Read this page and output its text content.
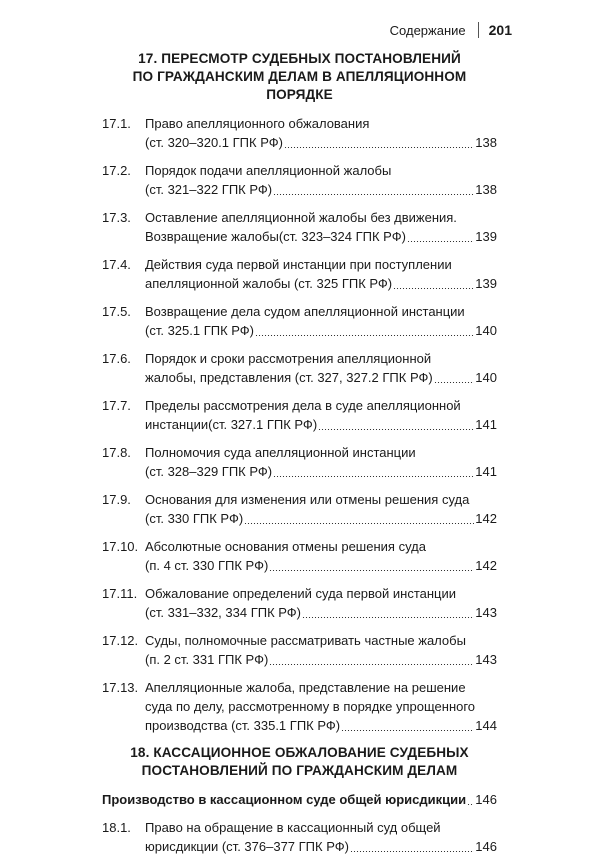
Содержание 201
17. ПЕРЕСМОТР СУДЕБНЫХ ПОСТАНОВЛЕНИЙ
ПО ГРАЖДАНСКИМ ДЕЛАМ В АПЕЛЛЯЦИОННОМ ПОРЯДКЕ
17.1.	Право апелляционного обжалования
(ст. 320–320.1 ГПК РФ)	138
17.2.	Порядок подачи апелляционной жалобы
(ст. 321–322 ГПК РФ)	138
17.3.	Оставление апелляционной жалобы без движения.
Возвращение жалобы(ст. 323–324 ГПК РФ)	139
17.4.	Действия суда первой инстанции при поступлении
апелляционной жалобы (ст. 325 ГПК РФ)	139
17.5.	Возвращение дела судом апелляционной инстанции
(ст. 325.1 ГПК РФ)	140
17.6.	Порядок и сроки рассмотрения апелляционной
жалобы, представления (ст. 327, 327.2 ГПК РФ)	140
17.7.	Пределы рассмотрения дела в суде апелляционной
инстанции(ст. 327.1 ГПК РФ)	141
17.8.	Полномочия суда апелляционной инстанции
(ст. 328–329 ГПК РФ)	141
17.9.	Основания для изменения или отмены решения суда
(ст. 330 ГПК РФ)	142
17.10. Абсолютные основания отмены решения суда
(п. 4 ст. 330 ГПК РФ)	142
17.11. Обжалование определений суда первой инстанции
(ст. 331–332, 334 ГПК РФ)	143
17.12. Суды, полномочные рассматривать частные жалобы
(п. 2 ст. 331 ГПК РФ)	143
17.13. Апелляционные жалоба, представление на решение
суда по делу, рассмотренному в порядке упрощенного
производства (ст. 335.1 ГПК РФ)	144
18. КАССАЦИОННОЕ ОБЖАЛОВАНИЕ СУДЕБНЫХ
ПОСТАНОВЛЕНИЙ ПО ГРАЖДАНСКИМ ДЕЛАМ
Производство в кассационном суде общей юрисдикции 146
18.1.	Право на обращение в кассационный суд общей
юрисдикции (ст. 376–377 ГПК РФ)	146
